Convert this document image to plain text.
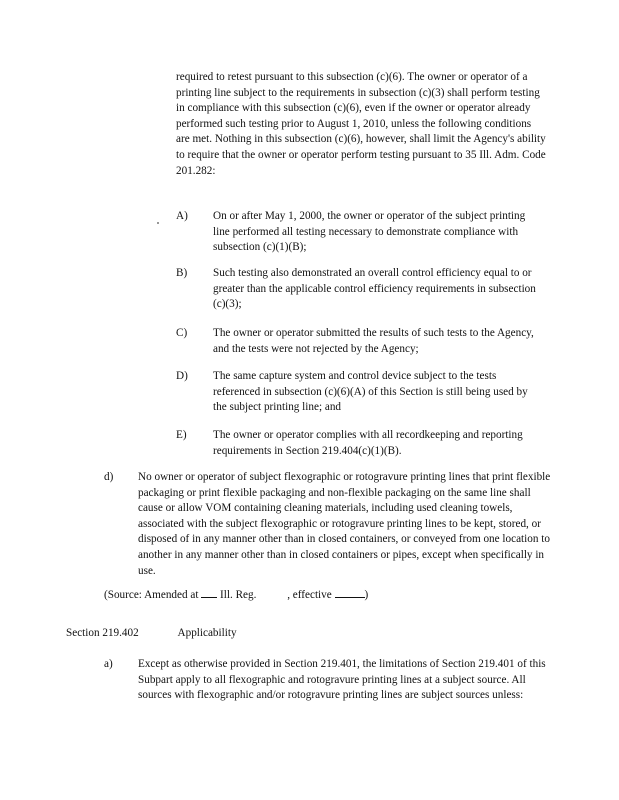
required to retest pursuant to this subsection (c)(6). The owner or operator of a printing line subject to the requirements in subsection (c)(3) shall perform testing in compliance with this subsection (c)(6), even if the owner or operator already performed such testing prior to August 1, 2010, unless the following conditions are met. Nothing in this subsection (c)(6), however, shall limit the Agency's ability to require that the owner or operator perform testing pursuant to 35 Ill. Adm. Code 201.282:

A)	On or after May 1, 2000, the owner or operator of the subject printing line performed all testing necessary to demonstrate compliance with subsection (c)(1)(B);
B)	Such testing also demonstrated an overall control efficiency equal to or greater than the applicable control efficiency requirements in subsection (c)(3);
C)	The owner or operator submitted the results of such tests to the Agency, and the tests were not rejected by the Agency;
D)	The same capture system and control device subject to the tests referenced in subsection (c)(6)(A) of this Section is still being used by the subject printing line; and
E)	The owner or operator complies with all recordkeeping and reporting requirements in Section 219.404(c)(1)(B).
d) No owner or operator of subject flexographic or rotogravure printing lines that print flexible packaging or print flexible packaging and non-flexible packaging on the same line shall cause or allow VOM containing cleaning materials, including used cleaning towels, associated with the subject flexographic or rotogravure printing lines to be kept, stored, or disposed of in any manner other than in closed containers, or conveyed from one location to another in any manner other than in closed containers or pipes, except when specifically in use.
(Source: Amended at Ill. Reg.	, effective	)
Section 219.402	Applicability
a) Except as otherwise provided in Section 219.401, the limitations of Section 219.401 of this Subpart apply to all flexographic and rotogravure printing lines at a subject source. All sources with flexographic and/or rotogravure printing lines are subject sources unless:
